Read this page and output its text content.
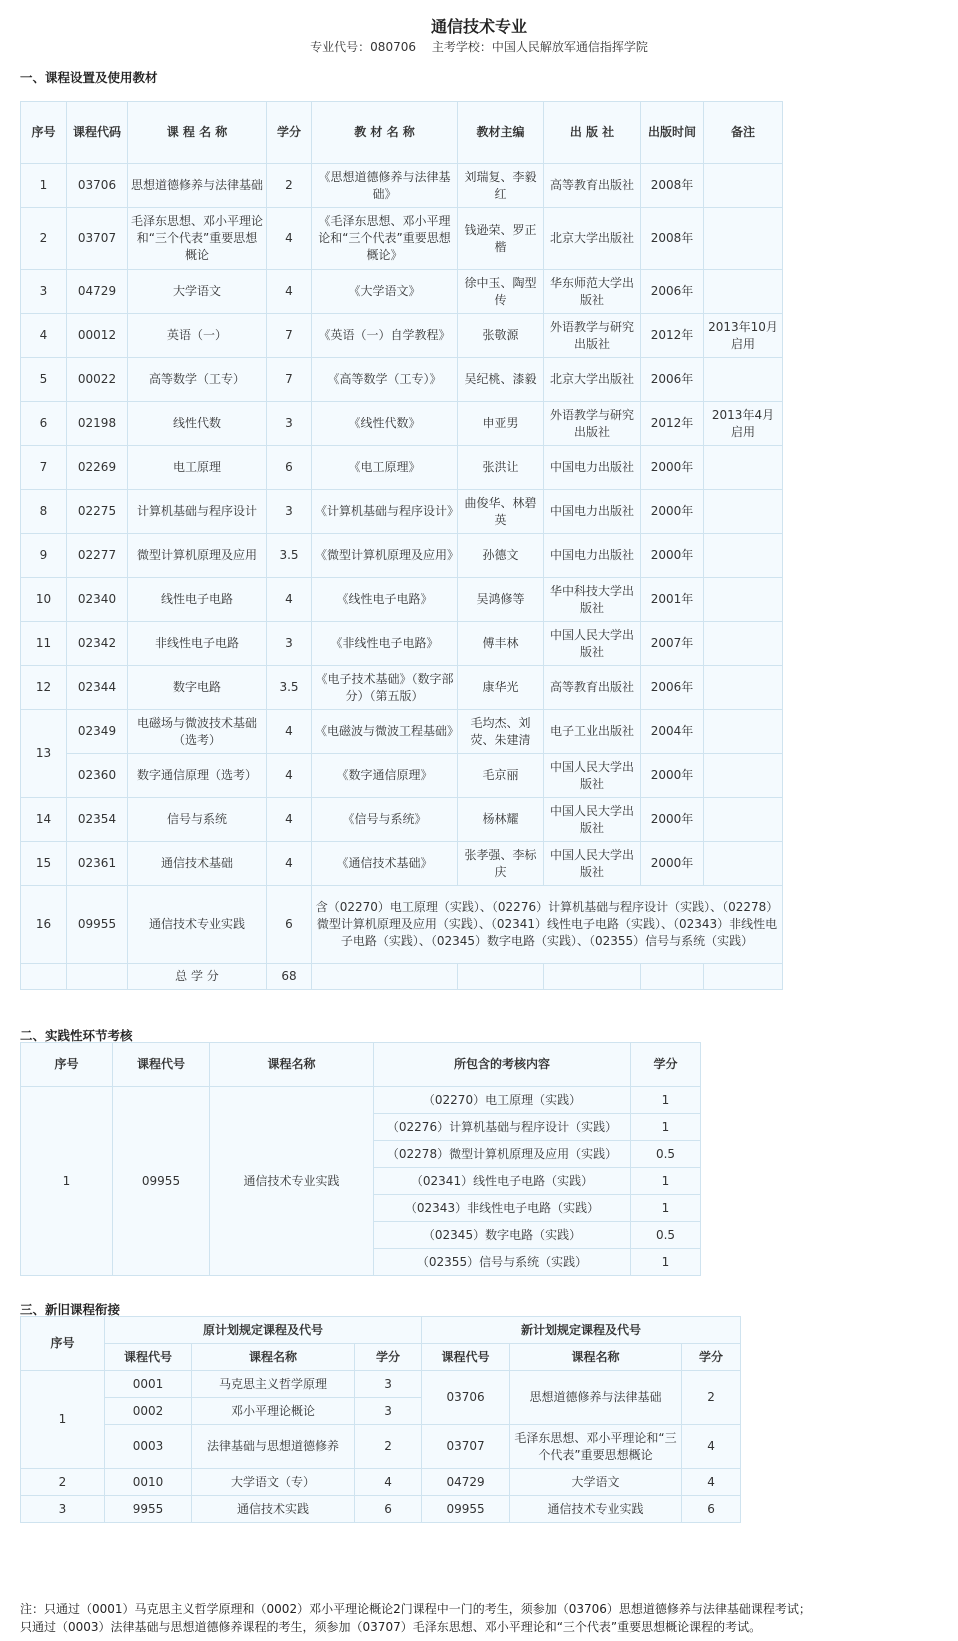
通信技术专业
专业代号：080706 主考学校：中国人民解放军通信指挥学院
一、课程设置及使用教材
序号	课程代码	课 程 名 称	学分	教 材 名 称	教材主编	出 版 社	出版时间	备注
1	03706	思想道德修养与法律基础	2	《思想道德修养与法律基础》	刘瑞复、李毅红	高等教育出版社	2008年	
2	03707	毛泽东思想、邓小平理论和“三个代表”重要思想概论	4	《毛泽东思想、邓小平理论和“三个代表”重要思想概论》	钱逊荣、罗正楷	北京大学出版社	2008年	
3	04729	大学语文	4	《大学语文》	徐中玉、陶型传	华东师范大学出版社	2006年	
4	00012	英语（一）	7	《英语（一）自学教程》	张敬源	外语教学与研究出版社	2012年	2013年10月启用
5	00022	高等数学（工专）	7	《高等数学（工专）》	吴纪桃、漆毅	北京大学出版社	2006年	
6	02198	线性代数	3	《线性代数》	申亚男	外语教学与研究出版社	2012年	2013年4月启用
7	02269	电工原理	6	《电工原理》	张洪让	中国电力出版社	2000年	
8	02275	计算机基础与程序设计	3	《计算机基础与程序设计》	曲俊华、林碧英	中国电力出版社	2000年	
9	02277	微型计算机原理及应用	3.5	《微型计算机原理及应用》	孙德文	中国电力出版社	2000年	
10	02340	线性电子电路	4	《线性电子电路》	吴鸿修等	华中科技大学出版社	2001年	
11	02342	非线性电子电路	3	《非线性电子电路》	傅丰林	中国人民大学出版社	2007年	
12	02344	数字电路	3.5	《电子技术基础》（数字部分）（第五版）	康华光	高等教育出版社	2006年	
13	02349	电磁场与微波技术基础（选考）	4	《电磁波与微波工程基础》	毛均杰、刘荧、朱建清	电子工业出版社	2004年	
	02360	数字通信原理（选考）	4	《数字通信原理》	毛京丽	中国人民大学出版社	2000年	
14	02354	信号与系统	4	《信号与系统》	杨林耀	中国人民大学出版社	2000年	
15	02361	通信技术基础	4	《通信技术基础》	张孝强、李标庆	中国人民大学出版社	2000年	
16	09955	通信技术专业实践	6	含（02270）电工原理（实践）、（02276）计算机基础与程序设计（实践）、（02278）微型计算机原理及应用（实践）、（02341）线性电子电路（实践）、（02343）非线性电子电路（实践）、（02345）数字电路（实践）、（02355）信号与系统（实践）				
		总 学 分	68					
二、实践性环节考核
序号	课程代号	课程名称	所包含的考核内容	学分
1	09955	通信技术专业实践	（02270）电工原理（实践）	1
			（02276）计算机基础与程序设计（实践）	1
			（02278）微型计算机原理及应用（实践）	0.5
			（02341）线性电子电路（实践）	1
			（02343）非线性电子电路（实践）	1
			（02345）数字电路（实践）	0.5
			（02355）信号与系统（实践）	1
三、新旧课程衔接
序号	原计划规定课程及代号			新计划规定课程及代号		
	课程代号	课程名称	学分	课程代号	课程名称	学分
1	0001	马克思主义哲学原理	3	03706	思想道德修养与法律基础	2
	0002	邓小平理论概论	3			
	0003	法律基础与思想道德修养	2	03707	毛泽东思想、邓小平理论和“三个代表”重要思想概论	4
2	0010	大学语文（专）	4	04729	大学语文	4
3	9955	通信技术实践	6	09955	通信技术专业实践	6
注：只通过（0001）马克思主义哲学原理和（0002）邓小平理论概论2门课程中一门的考生，须参加（03706）思想道德修养与法律基础课程考试；
只通过（0003）法律基础与思想道德修养课程的考生，须参加（03707）毛泽东思想、邓小平理论和“三个代表”重要思想概论课程的考试。
